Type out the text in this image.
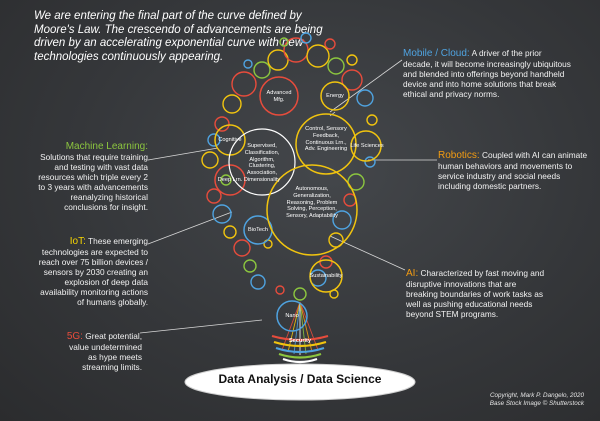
We are entering the final part of the curve defined by Moore's Law. The crescendo of advancements are being driven by an accelerating exponential curve with new technologies continuously appearing.
Advanced Mfg.
Energy
Cognitive
Life Sciences
Deep Lrn.
BioTech
Sustainability
Nano
Security
Control, Sensory Feedback, Continuous Lrn., Adv. Engineering
Supervised, Classification, Algorithm, Clustering, Association, Dimensionality
Autonomous, Generalization, Reasoning, Problem Solving, Perception, Sensory, Adaptability
Mobile / Cloud: A driver of the prior decade, it will become increasingly ubiquitous and blended into offerings beyond handheld device and into home solutions that break ethical and privacy norms.
Machine Learning:
Solutions that require training and testing with vast data resources which triple every 2 to 3 years with advancements reanalyzing historical conclusions for insight.
Robotics: Coupled with AI can animate human behaviors and movements to service industry and social needs including domestic partners.
IoT: These emerging technologies are expected to reach over 75 billion devices / sensors by 2030 creating an explosion of deep data availability monitoring actions of humans globally.
AI: Characterized by fast moving and disruptive innovations that are breaking boundaries of work tasks as well as pushing educational needs beyond STEM programs.
5G: Great potential, value undetermined as hype meets streaming limits.
Data Analysis / Data Science
Copyright, Mark P. Dangelo, 2020
Base Stock Image © Shutterstock
